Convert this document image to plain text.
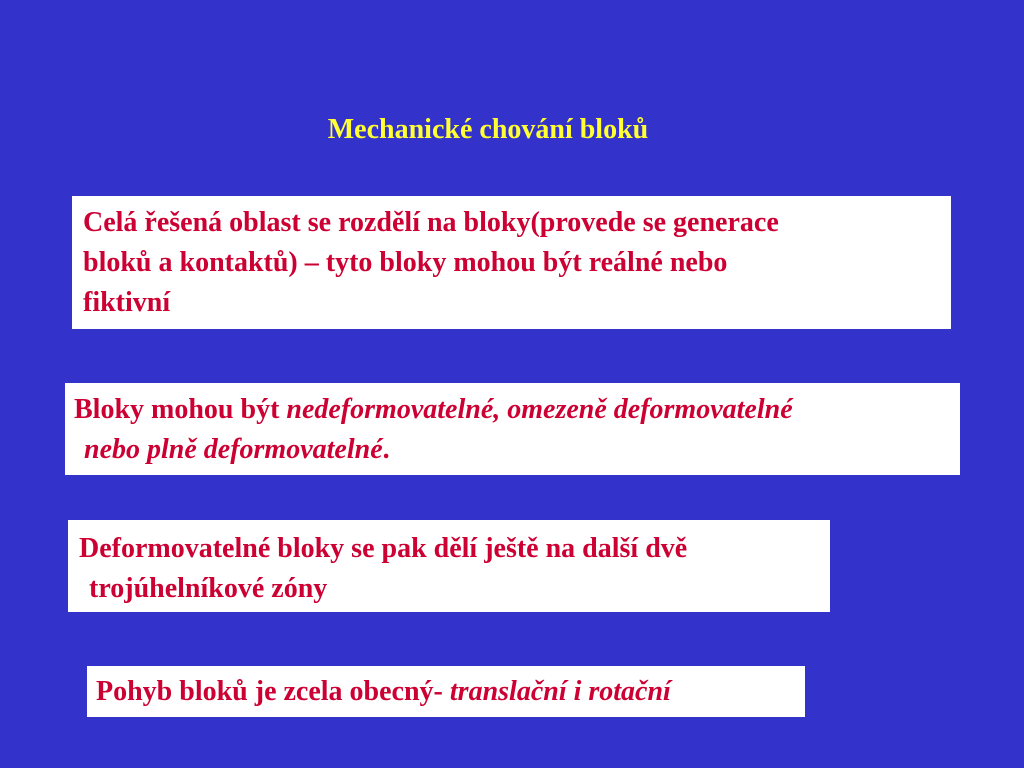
Mechanické chování bloků
Celá řešená oblast se rozdělí na bloky(provede se generace
bloků a kontaktů) – tyto bloky mohou být reálné nebo
fiktivní
Bloky mohou být nedeformovatelné, omezeně deformovatelné
nebo plně deformovatelné.
Deformovatelné bloky se pak dělí ještě na další dvě
trojúhelníkové zóny
Pohyb bloků je zcela obecný- translační i rotační
